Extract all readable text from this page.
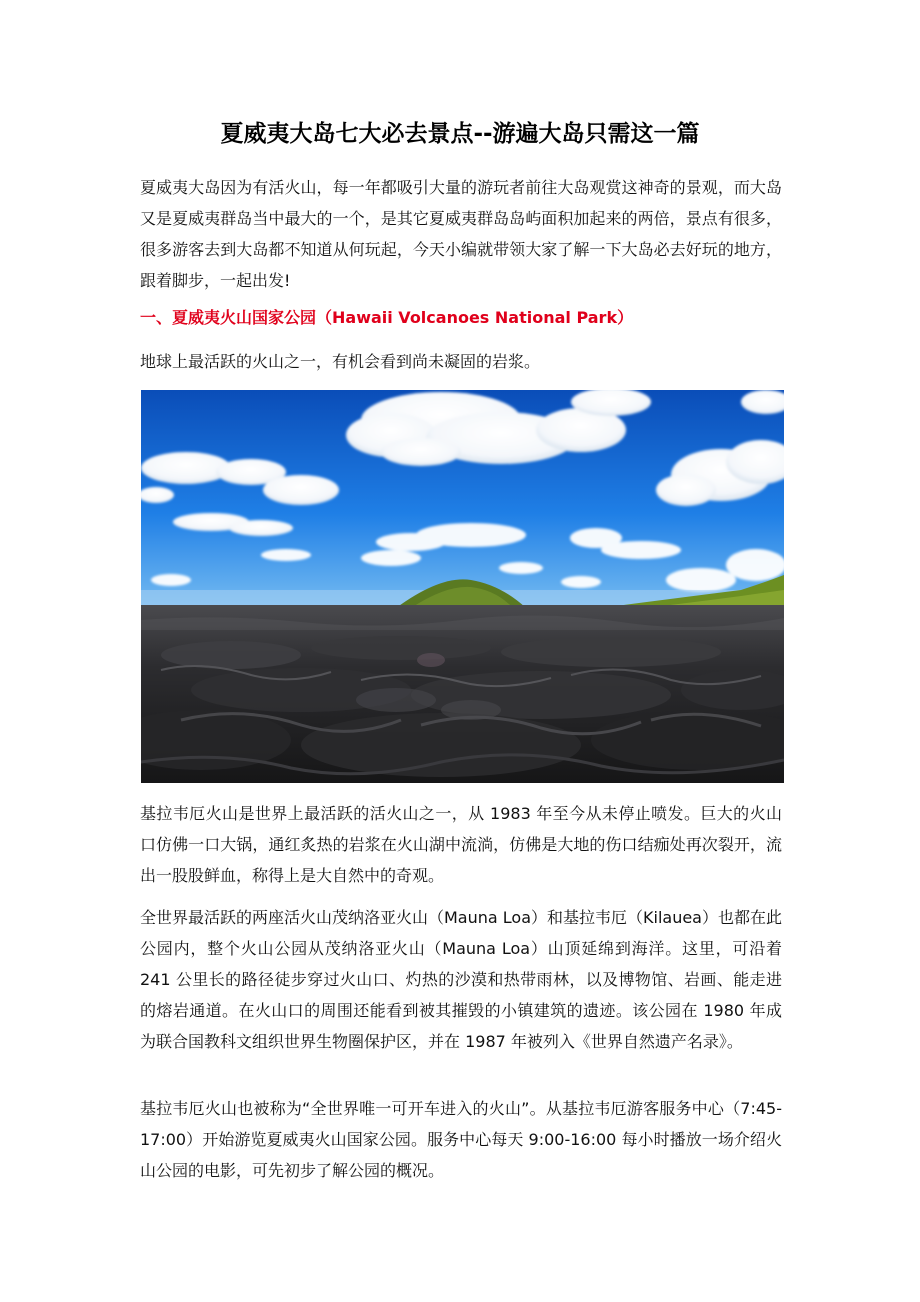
夏威夷大岛七大必去景点--游遍大岛只需这一篇

夏威夷大岛因为有活火山，每一年都吸引大量的游玩者前往大岛观赏这神奇的景观，而大岛又是夏威夷群岛当中最大的一个，是其它夏威夷群岛岛屿面积加起来的两倍，景点有很多，很多游客去到大岛都不知道从何玩起，今天小编就带领大家了解一下大岛必去好玩的地方，跟着脚步，一起出发!

一、夏威夷火山国家公园（Hawaii Volcanoes National Park）

地球上最活跃的火山之一，有机会看到尚未凝固的岩浆。

基拉韦厄火山是世界上最活跃的活火山之一，从 1983 年至今从未停止喷发。巨大的火山口仿佛一口大锅，通红炙热的岩浆在火山湖中流淌，仿佛是大地的伤口结痂处再次裂开，流出一股股鲜血，称得上是大自然中的奇观。

全世界最活跃的两座活火山茂纳洛亚火山（Mauna Loa）和基拉韦厄（Kilauea）也都在此公园内，整个火山公园从茂纳洛亚火山（Mauna Loa）山顶延绵到海洋。这里，可沿着 241 公里长的路径徒步穿过火山口、灼热的沙漠和热带雨林，以及博物馆、岩画、能走进的熔岩通道。在火山口的周围还能看到被其摧毁的小镇建筑的遗迹。该公园在 1980 年成为联合国教科文组织世界生物圈保护区，并在 1987 年被列入《世界自然遗产名录》。

基拉韦厄火山也被称为“全世界唯一可开车进入的火山”。从基拉韦厄游客服务中心（7:45-17:00）开始游览夏威夷火山国家公园。服务中心每天 9:00-16:00 每小时播放一场介绍火山公园的电影，可先初步了解公园的概况。
